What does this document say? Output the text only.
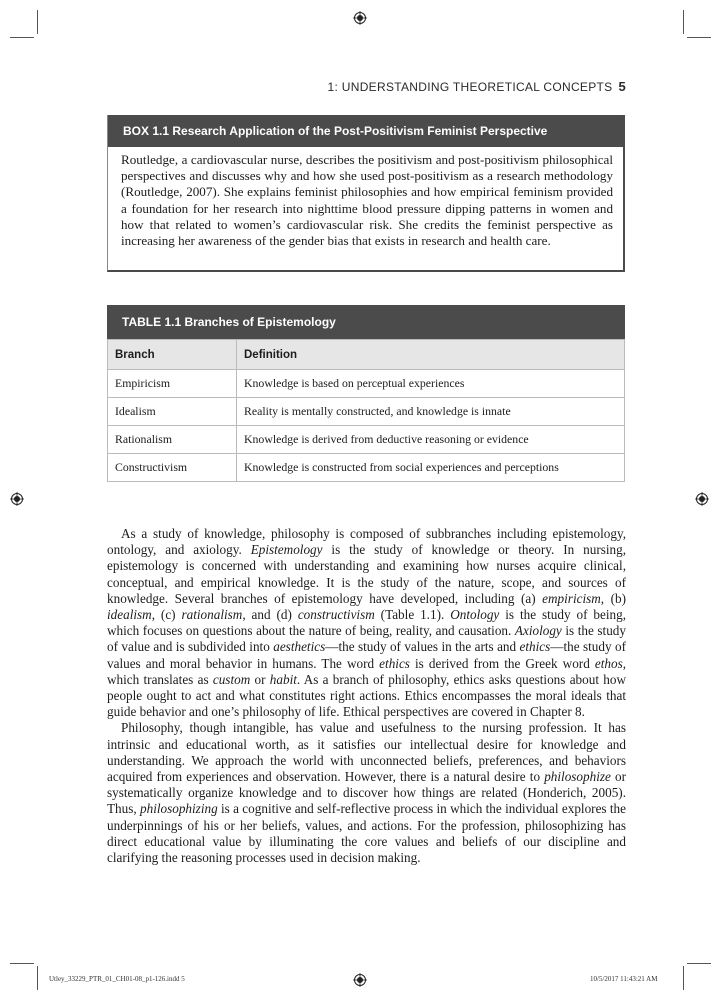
1: UNDERSTANDING THEORETICAL CONCEPTS 5
BOX 1.1 Research Application of the Post-Positivism Feminist Perspective
Routledge, a cardiovascular nurse, describes the positivism and post-positivism philosophical perspectives and discusses why and how she used post-positivism as a research methodology (Routledge, 2007). She explains feminist philosophies and how empirical feminism provided a foundation for her research into nighttime blood pressure dipping patterns in women and how that related to women’s cardiovascular risk. She credits the feminist perspective as increasing her awareness of the gender bias that exists in research and health care.
TABLE 1.1 Branches of Epistemology
Branch	Definition
Empiricism	Knowledge is based on perceptual experiences
Idealism	Reality is mentally constructed, and knowledge is innate
Rationalism	Knowledge is derived from deductive reasoning or evidence
Constructivism	Knowledge is constructed from social experiences and perceptions

As a study of knowledge, philosophy is composed of subbranches including epistemology, ontology, and axiology. Epistemology is the study of knowledge or theory. In nursing, epistemology is concerned with understanding and examining how nurses acquire clinical, conceptual, and empirical knowledge. It is the study of the nature, scope, and sources of knowledge. Several branches of epistemology have developed, including (a) empiricism, (b) idealism, (c) rationalism, and (d) constructivism (Table 1.1). Ontology is the study of being, which focuses on questions about the nature of being, reality, and causation. Axiology is the study of value and is subdivided into aesthetics—the study of values in the arts and ethics—the study of values and moral behavior in humans. The word ethics is derived from the Greek word ethos, which translates as custom or habit. As a branch of philosophy, ethics asks questions about how people ought to act and what constitutes right actions. Ethics encompasses the moral ideals that guide behavior and one’s philosophy of life. Ethical perspectives are covered in Chapter 8.

Philosophy, though intangible, has value and usefulness to the nursing profession. It has intrinsic and educational worth, as it satisfies our intellectual desire for knowledge and understanding. We approach the world with unconnected beliefs, preferences, and behaviors acquired from experiences and observation. However, there is a natural desire to philosophize or systematically organize knowledge and to discover how things are related (Honderich, 2005). Thus, philosophizing is a cognitive and self-reflective process in which the individual explores the underpinnings of his or her beliefs, values, and actions. For the profession, philosophizing has direct educational value by illuminating the core values and beliefs of our discipline and clarifying the reasoning processes used in decision making.

Utley_33229_PTR_01_CH01-08_p1-126.indd 5	10/5/2017 11:43:21 AM
